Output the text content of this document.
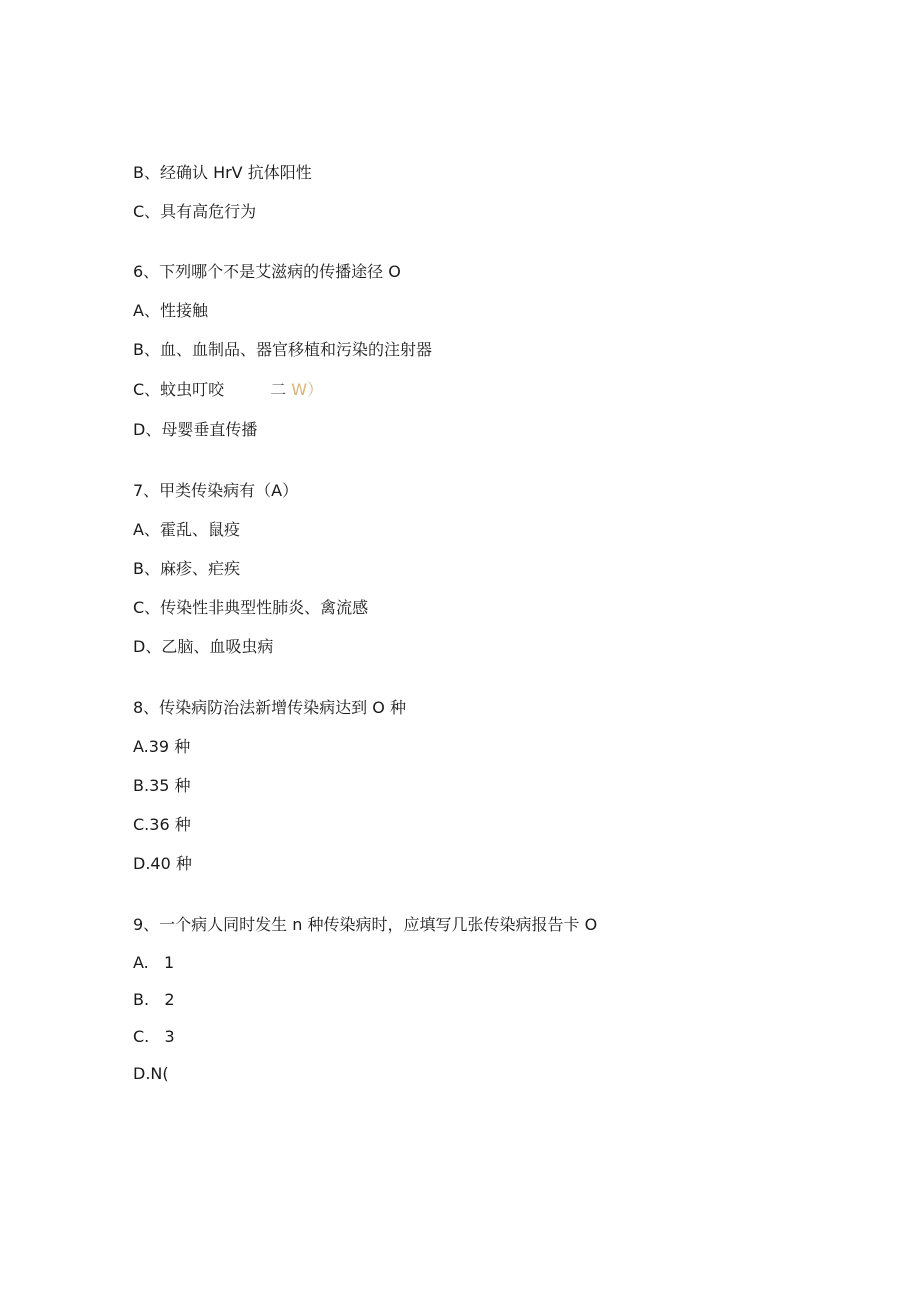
B、经确认 HrV 抗体阳性
C、具有高危行为
6、下列哪个不是艾滋病的传播途径 O
A、性接触
B、血、血制品、器官移植和污染的注射器
C、蚊虫叮咬	二 W）
D、母婴垂直传播
7、甲类传染病有（A）
A、霍乱、鼠疫
B、麻疹、疟疾
C、传染性非典型性肺炎、禽流感
D、乙脑、血吸虫病
8、传染病防治法新增传染病达到 O 种
A.39 种
B.35 种
C.36 种
D.40 种
9、一个病人同时发生 n 种传染病时，应填写几张传染病报告卡 O
A.   1
B.   2
C.   3
D.N(
